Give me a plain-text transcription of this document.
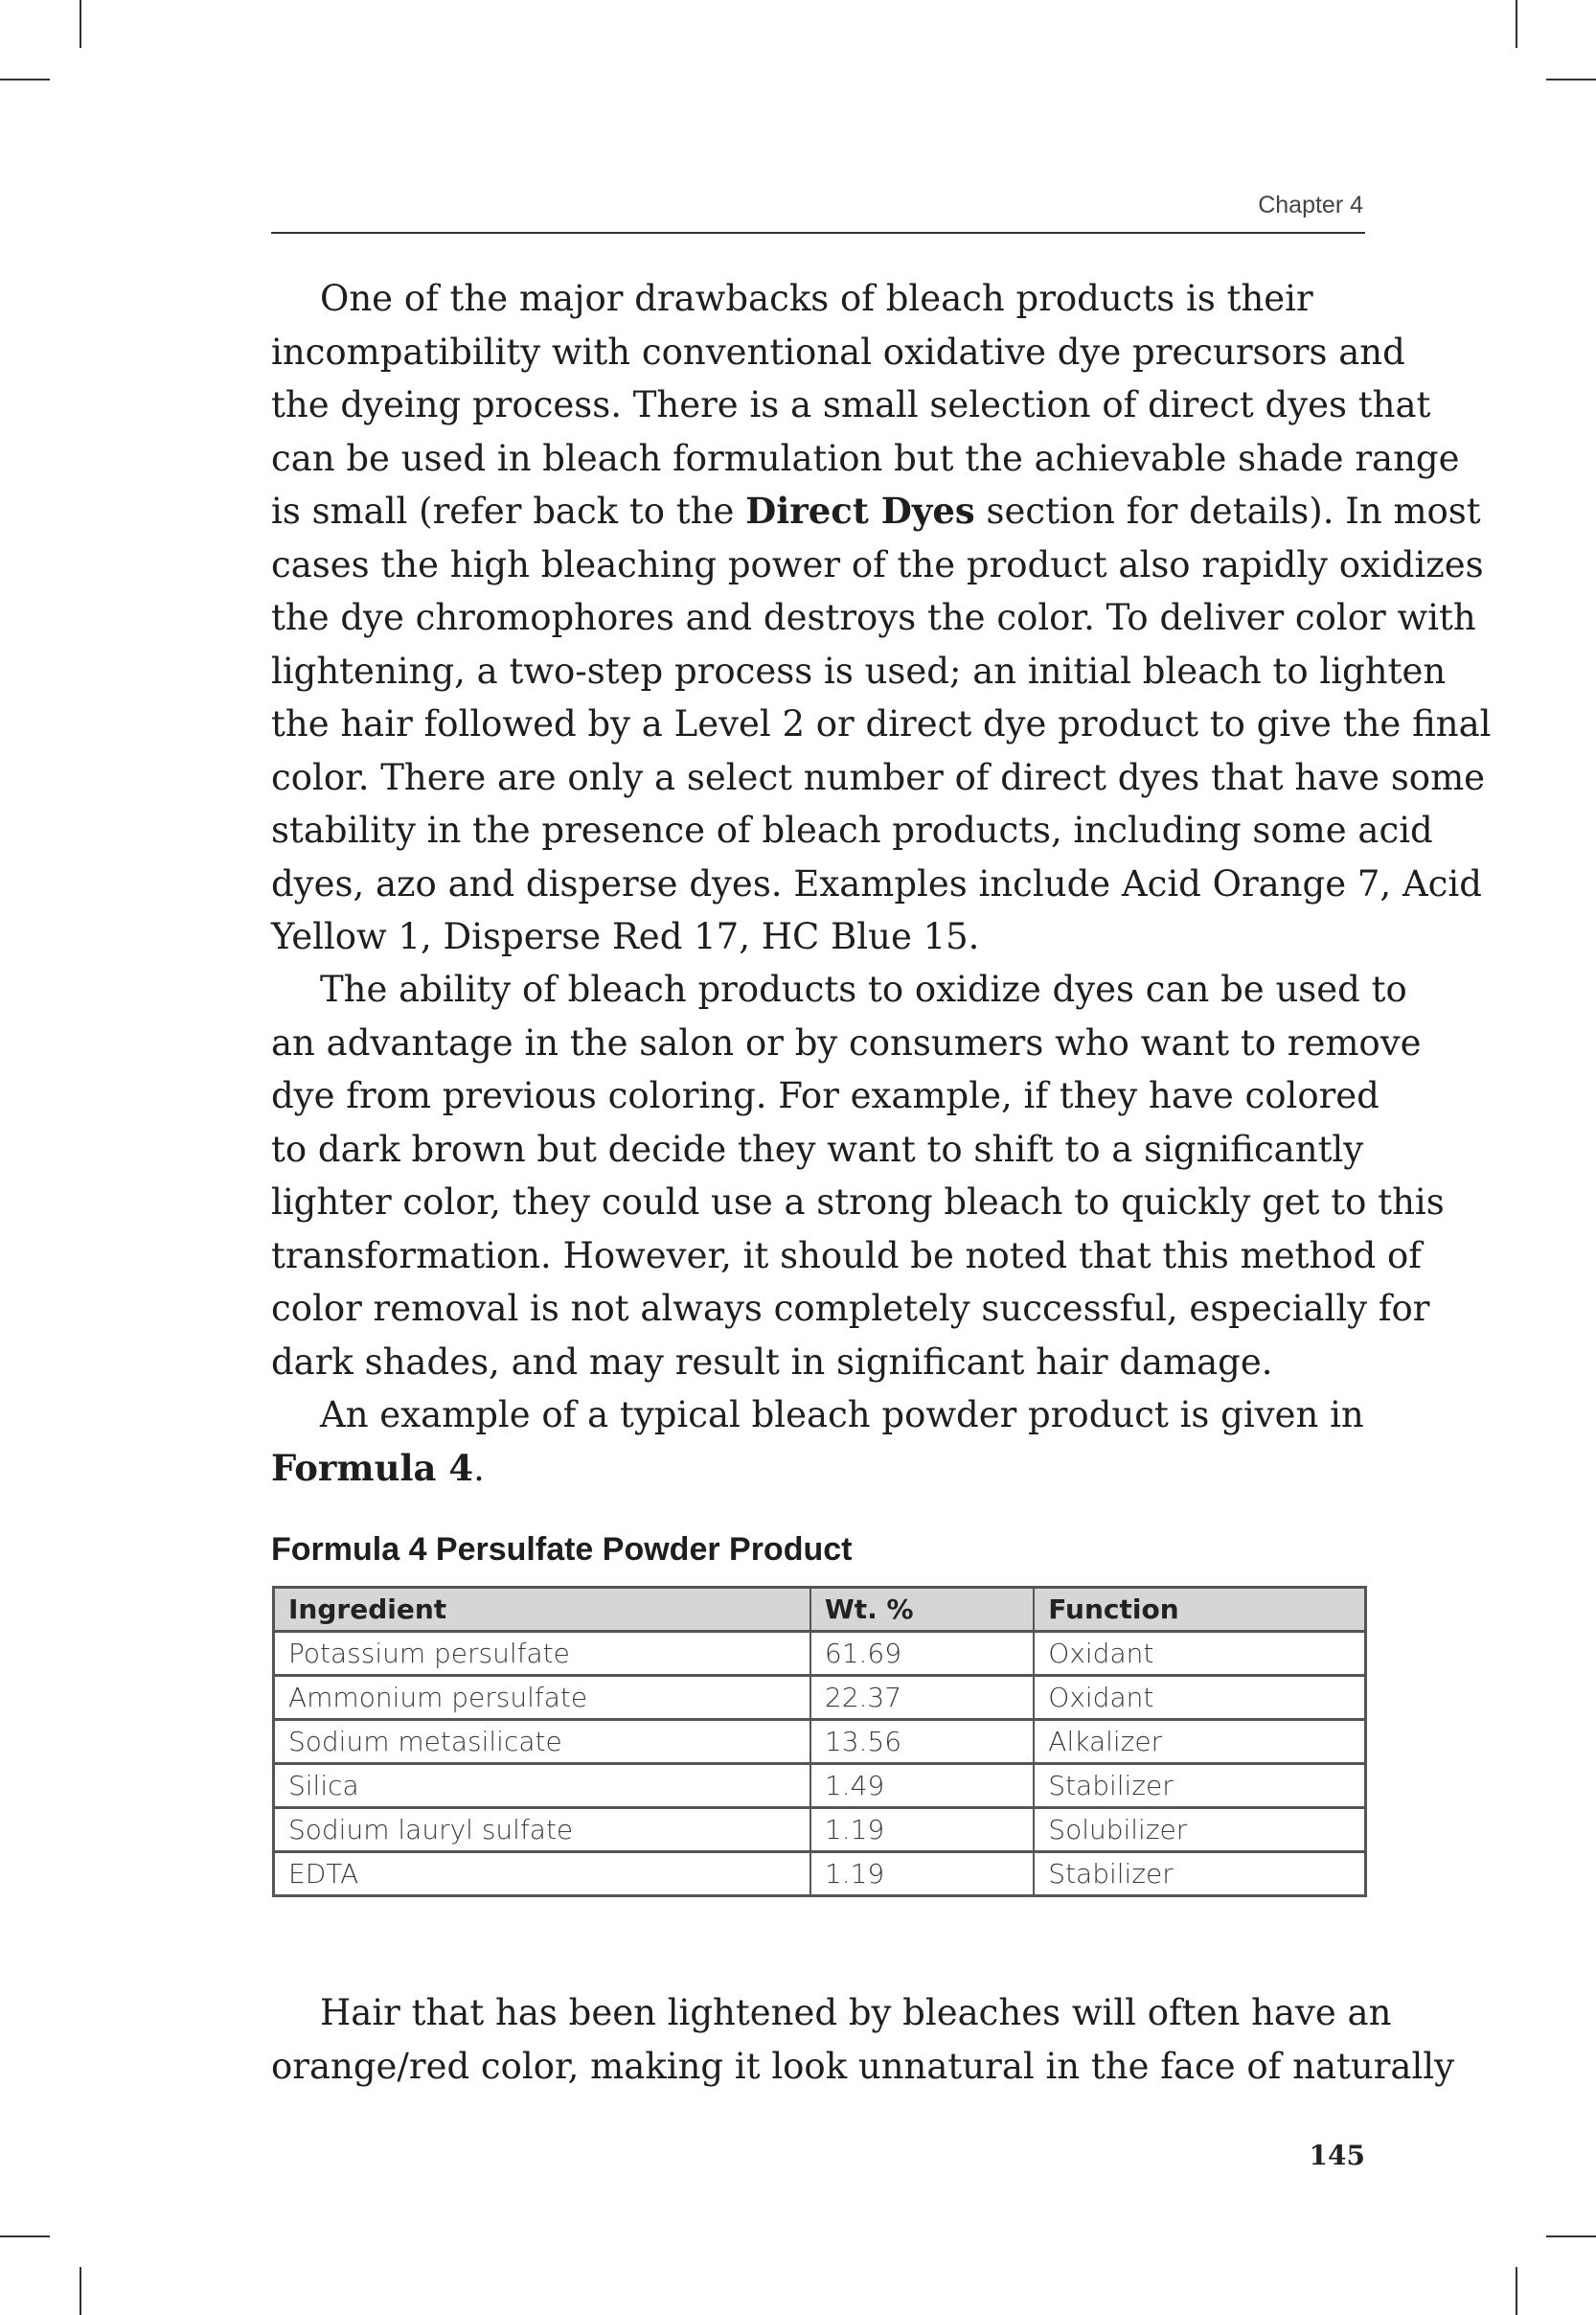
Chapter 4
One of the major drawbacks of bleach products is their
incompatibility with conventional oxidative dye precursors and
the dyeing process. There is a small selection of direct dyes that
can be used in bleach formulation but the achievable shade range
is small (refer back to the Direct Dyes section for details). In most
cases the high bleaching power of the product also rapidly oxidizes
the dye chromophores and destroys the color. To deliver color with
lightening, a two-step process is used; an initial bleach to lighten
the hair followed by a Level 2 or direct dye product to give the final
color. There are only a select number of direct dyes that have some
stability in the presence of bleach products, including some acid
dyes, azo and disperse dyes. Examples include Acid Orange 7, Acid
Yellow 1, Disperse Red 17, HC Blue 15.
The ability of bleach products to oxidize dyes can be used to
an advantage in the salon or by consumers who want to remove
dye from previous coloring. For example, if they have colored
to dark brown but decide they want to shift to a significantly
lighter color, they could use a strong bleach to quickly get to this
transformation. However, it should be noted that this method of
color removal is not always completely successful, especially for
dark shades, and may result in significant hair damage.
An example of a typical bleach powder product is given in
Formula 4.
Formula 4 Persulfate Powder Product
Ingredient	Wt. %	Function
Potassium persulfate	61.69	Oxidant
Ammonium persulfate	22.37	Oxidant
Sodium metasilicate	13.56	Alkalizer
Silica	1.49	Stabilizer
Sodium lauryl sulfate	1.19	Solubilizer
EDTA	1.19	Stabilizer
Hair that has been lightened by bleaches will often have an
orange/red color, making it look unnatural in the face of naturally
145
